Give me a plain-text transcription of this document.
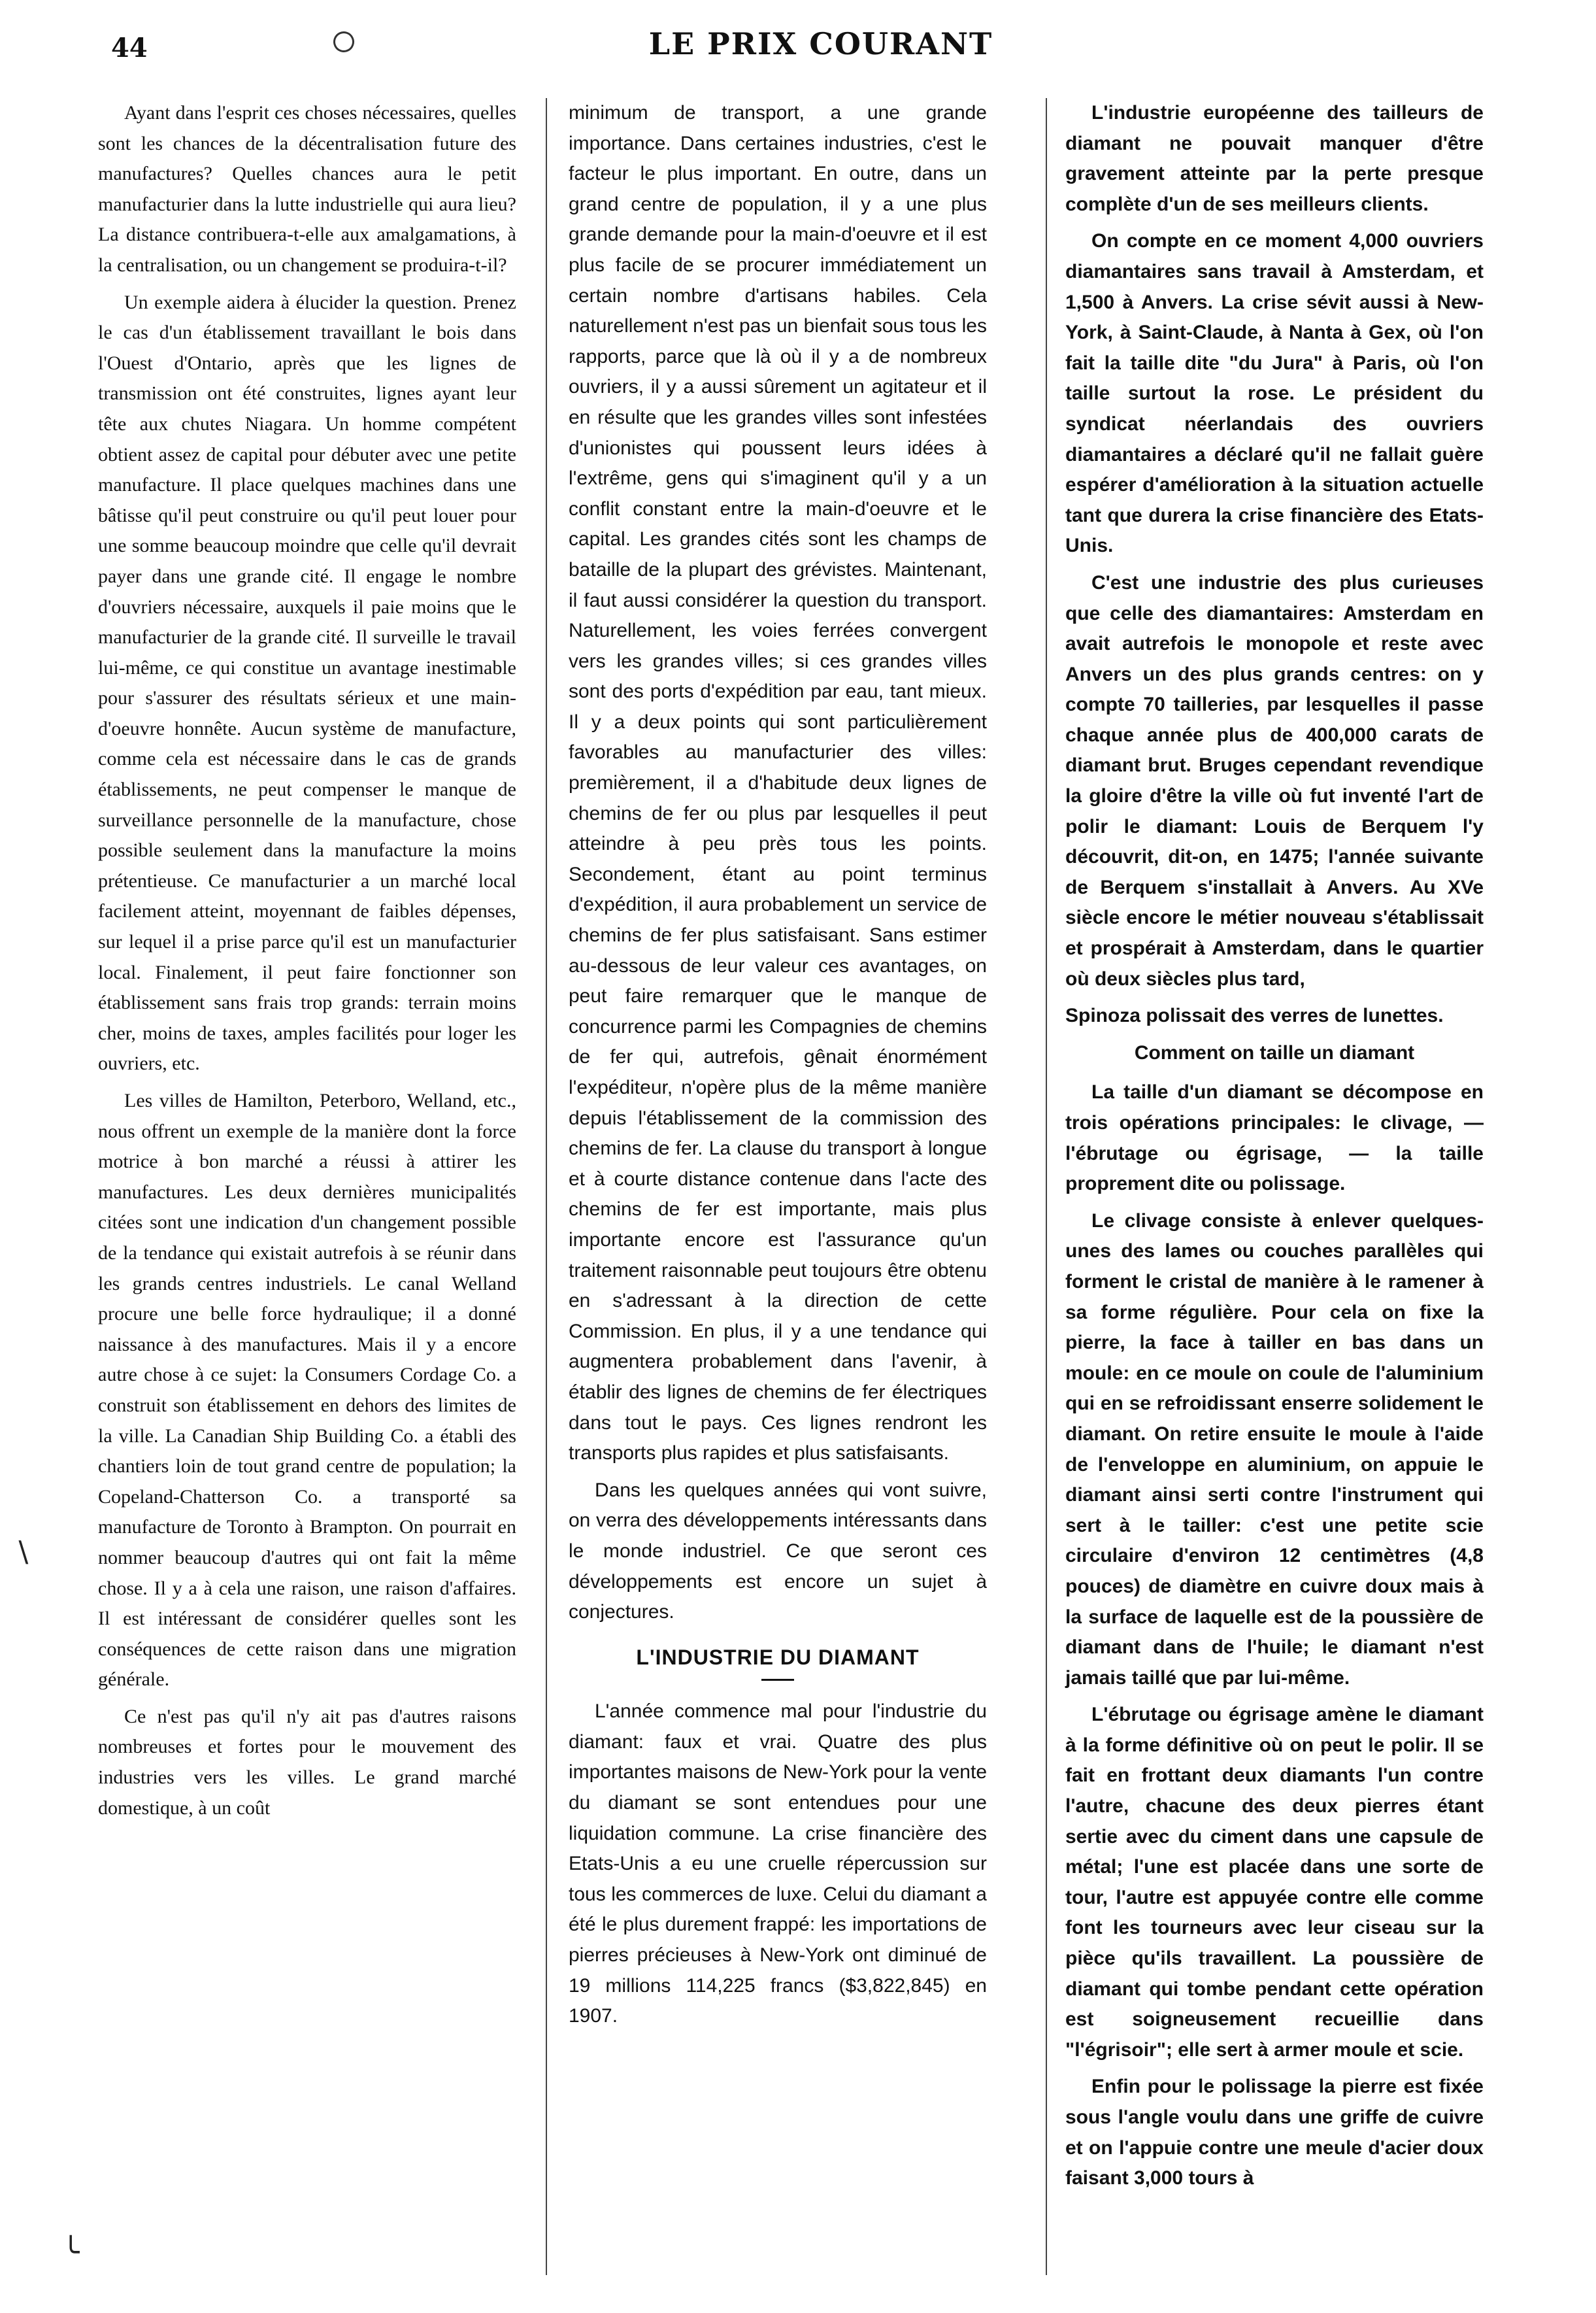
44	LE PRIX COURANT

Ayant dans l'esprit ces choses nécessaires, quelles sont les chances de la décentralisation future des manufactures? Quelles chances aura le petit manufacturier dans la lutte industrielle qui aura lieu? La distance contribuera-t-elle aux amalgamations, à la centralisation, ou un changement se produira-t-il?

Un exemple aidera à élucider la question. Prenez le cas d'un établissement travaillant le bois dans l'Ouest d'Ontario, après que les lignes de transmission ont été construites, lignes ayant leur tête aux chutes Niagara. Un homme compétent obtient assez de capital pour débuter avec une petite manufacture. Il place quelques machines dans une bâtisse qu'il peut construire ou qu'il peut louer pour une somme beaucoup moindre que celle qu'il devrait payer dans une grande cité. Il engage le nombre d'ouvriers nécessaire, auxquels il paie moins que le manufacturier de la grande cité. Il surveille le travail lui-même, ce qui constitue un avantage inestimable pour s'assurer des résultats sérieux et une main-d'oeuvre honnête. Aucun système de manufacture, comme cela est nécessaire dans le cas de grands établissements, ne peut compenser le manque de surveillance personnelle de la manufacture, chose possible seulement dans la manufacture la moins prétentieuse. Ce manufacturier a un marché local facilement atteint, moyennant de faibles dépenses, sur lequel il a prise parce qu'il est un manufacturier local. Finalement, il peut faire fonctionner son établissement sans frais trop grands: terrain moins cher, moins de taxes, amples facilités pour loger les ouvriers, etc.

Les villes de Hamilton, Peterboro, Welland, etc., nous offrent un exemple de la manière dont la force motrice à bon marché a réussi à attirer les manufactures. Les deux dernières municipalités citées sont une indication d'un changement possible de la tendance qui existait autrefois à se réunir dans les grands centres industriels. Le canal Welland procure une belle force hydraulique; il a donné naissance à des manufactures. Mais il y a encore autre chose à ce sujet: la Consumers Cordage Co. a construit son établissement en dehors des limites de la ville. La Canadian Ship Building Co. a établi des chantiers loin de tout grand centre de population; la Copeland-Chatterson Co. a transporté sa manufacture de Toronto à Brampton. On pourrait en nommer beaucoup d'autres qui ont fait la même chose. Il y a à cela une raison, une raison d'affaires. Il est intéressant de considérer quelles sont les conséquences de cette raison dans une migration générale.

Ce n'est pas qu'il n'y ait pas d'autres raisons nombreuses et fortes pour le mouvement des industries vers les villes. Le grand marché domestique, à un coût

minimum de transport, a une grande importance. Dans certaines industries, c'est le facteur le plus important. En outre, dans un grand centre de population, il y a une plus grande demande pour la main-d'oeuvre et il est plus facile de se procurer immédiatement un certain nombre d'artisans habiles. Cela naturellement n'est pas un bienfait sous tous les rapports, parce que là où il y a de nombreux ouvriers, il y a aussi sûrement un agitateur et il en résulte que les grandes villes sont infestées d'unionistes qui poussent leurs idées à l'extrême, gens qui s'imaginent qu'il y a un conflit constant entre la main-d'oeuvre et le capital. Les grandes cités sont les champs de bataille de la plupart des grévistes. Maintenant, il faut aussi considérer la question du transport. Naturellement, les voies ferrées convergent vers les grandes villes; si ces grandes villes sont des ports d'expédition par eau, tant mieux. Il y a deux points qui sont particulièrement favorables au manufacturier des villes: premièrement, il a d'habitude deux lignes de chemins de fer ou plus par lesquelles il peut atteindre à peu près tous les points. Secondement, étant au point terminus d'expédition, il aura probablement un service de chemins de fer plus satisfaisant. Sans estimer au-dessous de leur valeur ces avantages, on peut faire remarquer que le manque de concurrence parmi les Compagnies de chemins de fer qui, autrefois, gênait énormément l'expéditeur, n'opère plus de la même manière depuis l'établissement de la commission des chemins de fer. La clause du transport à longue et à courte distance contenue dans l'acte des chemins de fer est importante, mais plus importante encore est l'assurance qu'un traitement raisonnable peut toujours être obtenu en s'adressant à la direction de cette Commission. En plus, il y a une tendance qui augmentera probablement dans l'avenir, à établir des lignes de chemins de fer électriques dans tout le pays. Ces lignes rendront les transports plus rapides et plus satisfaisants.

Dans les quelques années qui vont suivre, on verra des développements intéressants dans le monde industriel. Ce que seront ces développements est encore un sujet à conjectures.

L'INDUSTRIE DU DIAMANT

L'année commence mal pour l'industrie du diamant: faux et vrai. Quatre des plus importantes maisons de New-York pour la vente du diamant se sont entendues pour une liquidation commune. La crise financière des Etats-Unis a eu une cruelle répercussion sur tous les commerces de luxe. Celui du diamant a été le plus durement frappé: les importations de pierres précieuses à New-York ont diminué de 19 millions 114,225 francs ($3,822,845) en 1907.

L'industrie européenne des tailleurs de diamant ne pouvait manquer d'être gravement atteinte par la perte presque complète d'un de ses meilleurs clients.

On compte en ce moment 4,000 ouvriers diamantaires sans travail à Amsterdam, et 1,500 à Anvers. La crise sévit aussi à New-York, à Saint-Claude, à Nanta à Gex, où l'on fait la taille dite "du Jura" à Paris, où l'on taille surtout la rose. Le président du syndicat néerlandais des ouvriers diamantaires a déclaré qu'il ne fallait guère espérer d'amélioration à la situation actuelle tant que durera la crise financière des Etats-Unis.

C'est une industrie des plus curieuses que celle des diamantaires: Amsterdam en avait autrefois le monopole et reste avec Anvers un des plus grands centres: on y compte 70 tailleries, par lesquelles il passe chaque année plus de 400,000 carats de diamant brut. Bruges cependant revendique la gloire d'être la ville où fut inventé l'art de polir le diamant: Louis de Berquem l'y découvrit, dit-on, en 1475; l'année suivante de Berquem s'installait à Anvers. Au XVe siècle encore le métier nouveau s'établissait et prospérait à Amsterdam, dans le quartier où deux siècles plus tard,

Spinoza polissait des verres de lunettes.

Comment on taille un diamant

La taille d'un diamant se décompose en trois opérations principales: le clivage, — l'ébrutage ou égrisage, — la taille proprement dite ou polissage.

Le clivage consiste à enlever quelques-unes des lames ou couches parallèles qui forment le cristal de manière à le ramener à sa forme régulière. Pour cela on fixe la pierre, la face à tailler en bas dans un moule: en ce moule on coule de l'aluminium qui en se refroidissant enserre solidement le diamant. On retire ensuite le moule à l'aide de l'enveloppe en aluminium, on appuie le diamant ainsi serti contre l'instrument qui sert à le tailler: c'est une petite scie circulaire d'environ 12 centimètres (4,8 pouces) de diamètre en cuivre doux mais à la surface de laquelle est de la poussière de diamant dans de l'huile; le diamant n'est jamais taillé que par lui-même.

L'ébrutage ou égrisage amène le diamant à la forme définitive où on peut le polir. Il se fait en frottant deux diamants l'un contre l'autre, chacune des deux pierres étant sertie avec du ciment dans une capsule de métal; l'une est placée dans une sorte de tour, l'autre est appuyée contre elle comme font les tourneurs avec leur ciseau sur la pièce qu'ils travaillent. La poussière de diamant qui tombe pendant cette opération est soigneusement recueillie dans "l'égrisoir"; elle sert à armer moule et scie.

Enfin pour le polissage la pierre est fixée sous l'angle voulu dans une griffe de cuivre et on l'appuie contre une meule d'acier doux faisant 3,000 tours à

∖
╰
